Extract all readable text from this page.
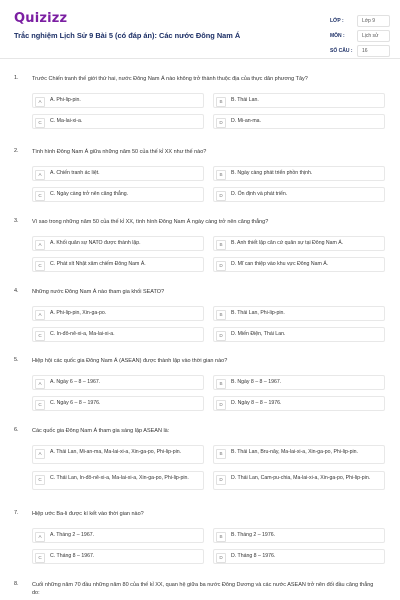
Quizizz
Trắc nghiệm Lịch Sử 9 Bài 5 (có đáp án): Các nước Đông Nam Á
LỚP :	Lớp 9
MÔN :	Lịch sử
SỐ CÂU :	16
1. Trước Chiến tranh thế giới thứ hai, nước Đông Nam Á nào không trở thành thuộc địa của thực dân phương Tây?
A	A. Phi-lip-pin.	B	B. Thái Lan.
C	C. Ma-lai-xi-a.	D	D. Mi-an-ma.
2. Tình hình Đông Nam Á giữa những năm 50 của thế kỉ XX như thế nào?
A	A. Chiến tranh ác liệt.	B	B. Ngày càng phát triển phồn thịnh.
C	C. Ngày càng trở nên căng thẳng.	D	D. Ổn định và phát triển.
3. Vì sao trong những năm 50 của thế kỉ XX, tình hình Đông Nam Á ngày càng trở nên căng thẳng?
A	A. Khối quân sự NATO được thành lập.	B	B. Anh thiết lập căn cứ quân sự tại Đông Nam Á.
C	C. Phát xít Nhật xâm chiếm Đông Nam Á.	D	D. Mĩ can thiệp vào khu vực Đông Nam Á.
4. Những nước Đông Nam Á nào tham gia khối SEATO?
A	A. Phi-lip-pin, Xin-ga-po.	B	B. Thái Lan, Phi-lip-pin.
C	C. In-đô-nê-xi-a, Ma-lai-xi-a.	D	D. Miến Điện, Thái Lan.
5. Hiệp hội các quốc gia Đông Nam Á (ASEAN) được thành lập vào thời gian nào?
A	A. Ngày 6 – 8 – 1967.	B	B. Ngày 8 – 8 – 1967.
C	C. Ngày 6 – 8 – 1976.	D	D. Ngày 8 – 8 – 1976.
6. Các quốc gia Đông Nam Á tham gia sáng lập ASEAN là:
A	A. Thái Lan, Mi-an-ma, Ma-lai-xi-a, Xin-ga-po, Phi-lip-pin.	B	B. Thái Lan, Bru-nây, Ma-lai-xi-a, Xin-ga-po, Phi-lip-pin.
C	C. Thái Lan, In-đô-nê-xi-a, Ma-lai-xi-a, Xin-ga-po, Phi-lip-pin.	D	D. Thái Lan, Cam-pu-chia, Ma-lai-xi-a, Xin-ga-po, Phi-lip-pin.
7. Hiệp ước Ba-li được kí kết vào thời gian nào?
A	A. Tháng 2 – 1967.	B	B. Tháng 2 – 1976.
C	C. Tháng 8 – 1967.	D	D. Tháng 8 – 1976.
8. Cuối những năm 70 đầu những năm 80 của thế kỉ XX, quan hệ giữa ba nước Đông Dương và các nước ASEAN trở nên đối đầu căng thẳng do:
